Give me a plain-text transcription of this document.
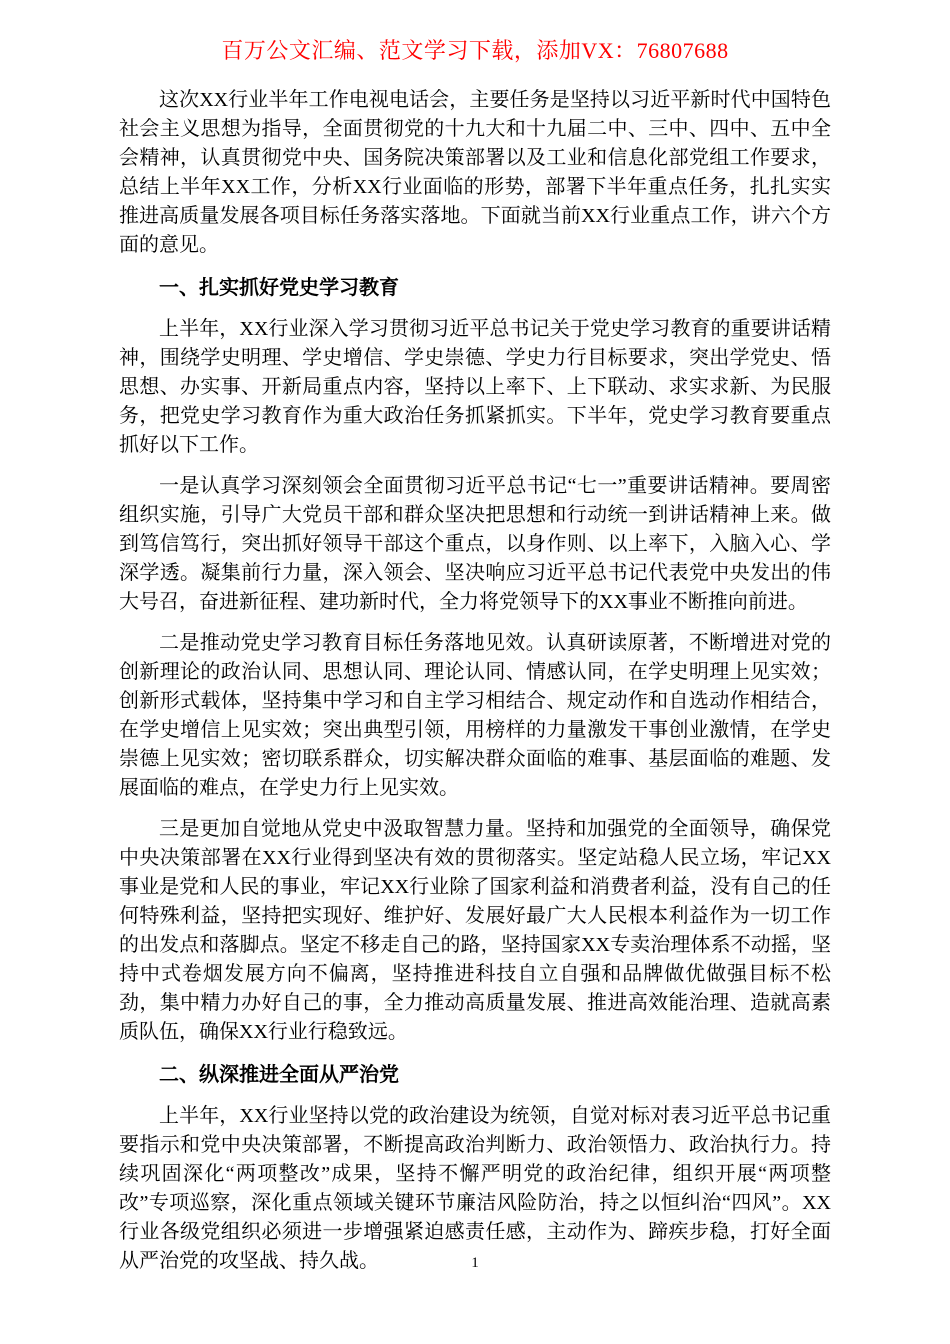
百万公文汇编、范文学习下载，添加VX：76807688

这次XX行业半年工作电视电话会，主要任务是坚持以习近平新时代中国特色社会主义思想为指导，全面贯彻党的十九大和十九届二中、三中、四中、五中全会精神，认真贯彻党中央、国务院决策部署以及工业和信息化部党组工作要求，总结上半年XX工作，分析XX行业面临的形势，部署下半年重点任务，扎扎实实推进高质量发展各项目标任务落实落地。下面就当前XX行业重点工作，讲六个方面的意见。

一、扎实抓好党史学习教育

上半年，XX行业深入学习贯彻习近平总书记关于党史学习教育的重要讲话精神，围绕学史明理、学史增信、学史崇德、学史力行目标要求，突出学党史、悟思想、办实事、开新局重点内容，坚持以上率下、上下联动、求实求新、为民服务，把党史学习教育作为重大政治任务抓紧抓实。下半年，党史学习教育要重点抓好以下工作。

一是认真学习深刻领会全面贯彻习近平总书记“七一”重要讲话精神。要周密组织实施，引导广大党员干部和群众坚决把思想和行动统一到讲话精神上来。做到笃信笃行，突出抓好领导干部这个重点，以身作则、以上率下，入脑入心、学深学透。凝集前行力量，深入领会、坚决响应习近平总书记代表党中央发出的伟大号召，奋进新征程、建功新时代，全力将党领导下的XX事业不断推向前进。

二是推动党史学习教育目标任务落地见效。认真研读原著，不断增进对党的创新理论的政治认同、思想认同、理论认同、情感认同，在学史明理上见实效；创新形式载体，坚持集中学习和自主学习相结合、规定动作和自选动作相结合，在学史增信上见实效；突出典型引领，用榜样的力量激发干事创业激情，在学史崇德上见实效；密切联系群众，切实解决群众面临的难事、基层面临的难题、发展面临的难点，在学史力行上见实效。

三是更加自觉地从党史中汲取智慧力量。坚持和加强党的全面领导，确保党中央决策部署在XX行业得到坚决有效的贯彻落实。坚定站稳人民立场，牢记XX事业是党和人民的事业，牢记XX行业除了国家利益和消费者利益，没有自己的任何特殊利益，坚持把实现好、维护好、发展好最广大人民根本利益作为一切工作的出发点和落脚点。坚定不移走自己的路，坚持国家XX专卖治理体系不动摇，坚持中式卷烟发展方向不偏离，坚持推进科技自立自强和品牌做优做强目标不松劲，集中精力办好自己的事，全力推动高质量发展、推进高效能治理、造就高素质队伍，确保XX行业行稳致远。

二、纵深推进全面从严治党

上半年，XX行业坚持以党的政治建设为统领，自觉对标对表习近平总书记重要指示和党中央决策部署，不断提高政治判断力、政治领悟力、政治执行力。持续巩固深化“两项整改”成果，坚持不懈严明党的政治纪律，组织开展“两项整改”专项巡察，深化重点领域关键环节廉洁风险防治，持之以恒纠治“四风”。XX行业各级党组织必须进一步增强紧迫感责任感，主动作为、蹄疾步稳，打好全面从严治党的攻坚战、持久战。	1
